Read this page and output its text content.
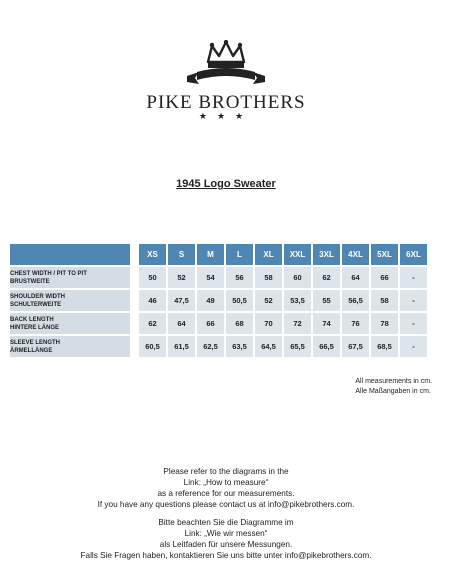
PIKE BROTHERS
★★★
1945 Logo Sweater
		XS	S	M	L	XL	XXL	3XL	4XL	5XL	6XL
CHEST WIDTH / PIT TO PIT
BRUSTWEITE		50	52	54	56	58	60	62	64	66	-
SHOULDER WIDTH
SCHULTERWEITE		46	47,5	49	50,5	52	53,5	55	56,5	58	-
BACK LENGTH
HINTERE LÄNGE		62	64	66	68	70	72	74	76	78	-
SLEEVE LENGTH
ÄRMELLÄNGE		60,5	61,5	62,5	63,5	64,5	65,5	66,5	67,5	68,5	-
All measurements in cm.
Alle Maßangaben in cm.

Please refer to the diagrams in the

Link: „How to measure“

as a reference for our measurements.

If you have any questions please contact us at info@pikebrothers.com.

Bitte beachten Sie die Diagramme im

Link: „Wie wir messen“

als Leitfaden für unsere Messungen.

Falls Sie Fragen haben, kontaktieren Sie uns bitte unter info@pikebrothers.com.
